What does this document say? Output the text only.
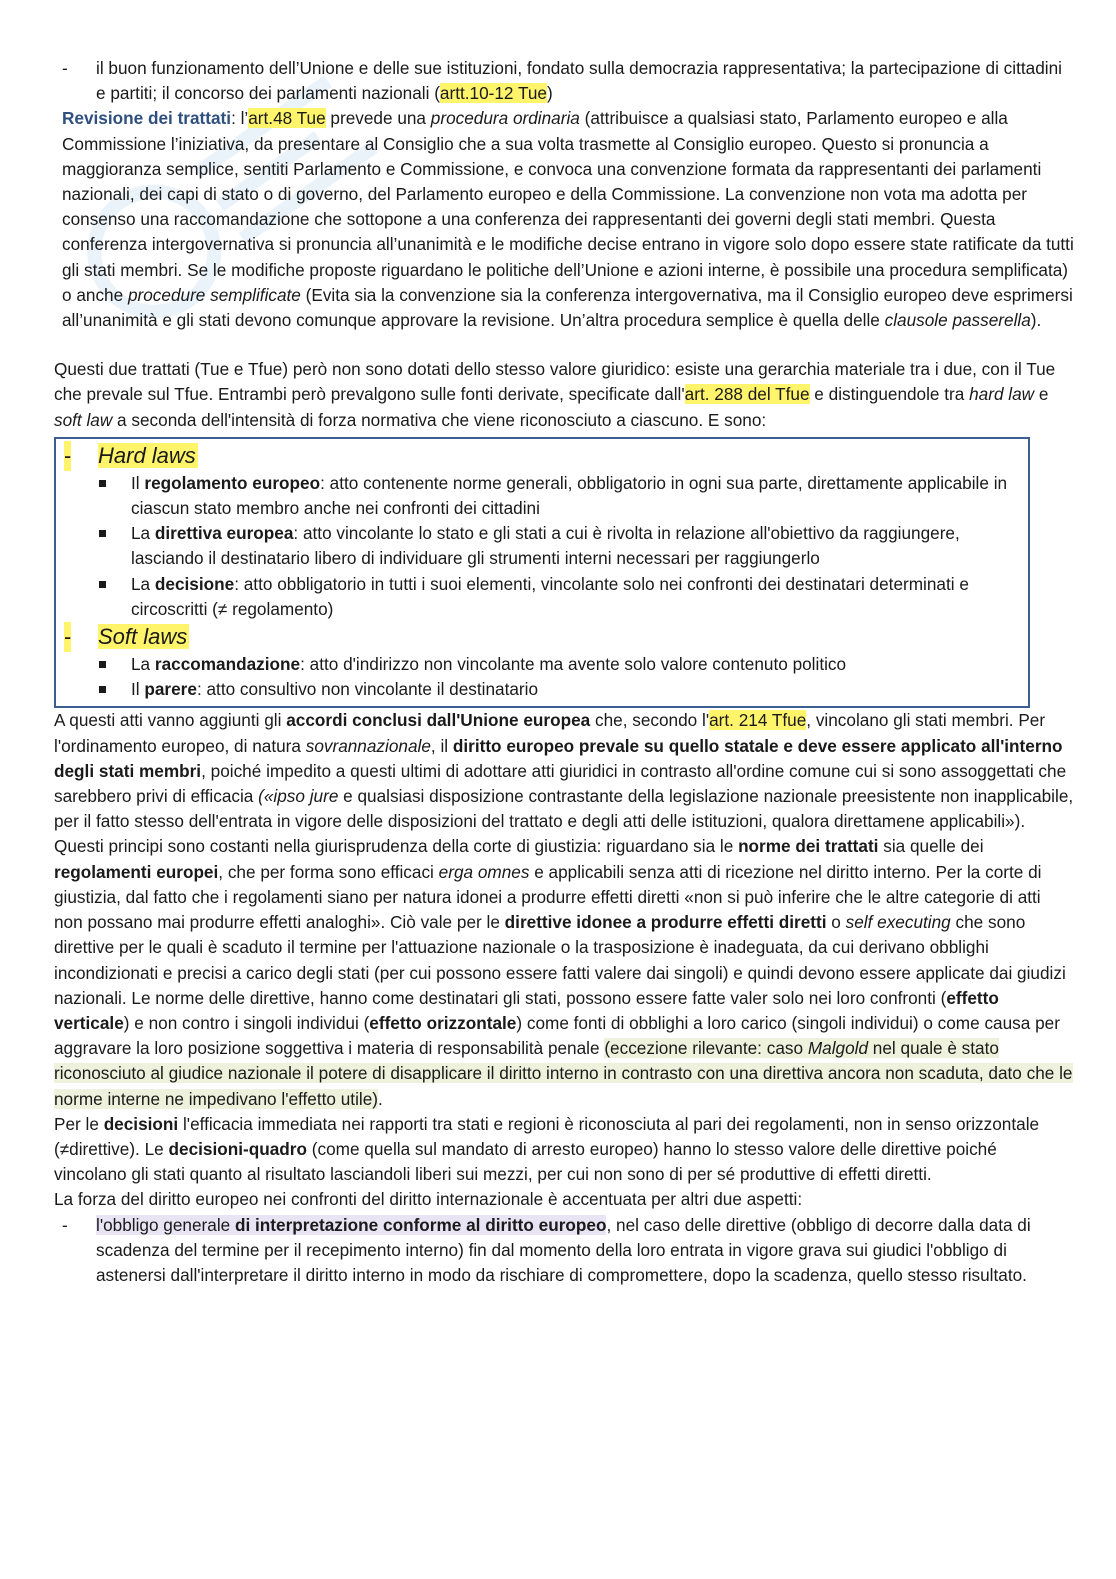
- il buon funzionamento dell’Unione e delle sue istituzioni, fondato sulla democrazia rappresentativa; la partecipazione di cittadini e partiti; il concorso dei parlamenti nazionali (artt.10-12 Tue)

Revisione dei trattati: l’art.48 Tue prevede una procedura ordinaria (attribuisce a qualsiasi stato, Parlamento europeo e alla Commissione l’iniziativa, da presentare al Consiglio che a sua volta trasmette al Consiglio europeo. Questo si pronuncia a maggioranza semplice, sentiti Parlamento e Commissione, e convoca una convenzione formata da rappresentanti dei parlamenti nazionali, dei capi di stato o di governo, del Parlamento europeo e della Commissione. La convenzione non vota ma adotta per consenso una raccomandazione che sottopone a una conferenza dei rappresentanti dei governi degli stati membri. Questa conferenza intergovernativa si pronuncia all’unanimità e le modifiche decise entrano in vigore solo dopo essere state ratificate da tutti gli stati membri. Se le modifiche proposte riguardano le politiche dell’Unione e azioni interne, è possibile una procedura semplificata)
o anche procedure semplificate (Evita sia la convenzione sia la conferenza intergovernativa, ma il Consiglio europeo deve esprimersi all’unanimità e gli stati devono comunque approvare la revisione. Un’altra procedura semplice è quella delle clausole passerella).

Questi due trattati (Tue e Tfue) però non sono dotati dello stesso valore giuridico: esiste una gerarchia materiale tra i due, con il Tue che prevale sul Tfue. Entrambi però prevalgono sulle fonti derivate, specificate dall'art. 288 del Tfue e distinguendole tra hard law e soft law a seconda dell'intensità di forza normativa che viene riconosciuto a ciascuno. E sono:

- Hard laws

Il regolamento europeo: atto contenente norme generali, obbligatorio in ogni sua parte, direttamente applicabile in ciascun stato membro anche nei confronti dei cittadini

La direttiva europea: atto vincolante lo stato e gli stati a cui è rivolta in relazione all'obiettivo da raggiungere, lasciando il destinatario libero di individuare gli strumenti interni necessari per raggiungerlo

La decisione: atto obbligatorio in tutti i suoi elementi, vincolante solo nei confronti dei destinatari determinati e circoscritti (≠ regolamento)

- Soft laws

La raccomandazione: atto d'indirizzo non vincolante ma avente solo valore contenuto politico

Il parere: atto consultivo non vincolante il destinatario

A questi atti vanno aggiunti gli accordi conclusi dall'Unione europea che, secondo l'art. 214 Tfue, vincolano gli stati membri. Per l'ordinamento europeo, di natura sovrannazionale, il diritto europeo prevale su quello statale e deve essere applicato all'interno degli stati membri, poiché impedito a questi ultimi di adottare atti giuridici in contrasto all'ordine comune cui si sono assoggettati che sarebbero privi di efficacia («ipso jure e qualsiasi disposizione contrastante della legislazione nazionale preesistente non inapplicabile, per il fatto stesso dell'entrata in vigore delle disposizioni del trattato e degli atti delle istituzioni, qualora direttamene applicabili»).

Questi principi sono costanti nella giurisprudenza della corte di giustizia: riguardano sia le norme dei trattati sia quelle dei regolamenti europei, che per forma sono efficaci erga omnes e applicabili senza atti di ricezione nel diritto interno. Per la corte di giustizia, dal fatto che i regolamenti siano per natura idonei a produrre effetti diretti «non si può inferire che le altre categorie di atti non possano mai produrre effetti analoghi». Ciò vale per le direttive idonee a produrre effetti diretti o self executing che sono direttive per le quali è scaduto il termine per l'attuazione nazionale o la trasposizione è inadeguata, da cui derivano obblighi incondizionati e precisi a carico degli stati (per cui possono essere fatti valere dai singoli) e quindi devono essere applicate dai giudizi nazionali. Le norme delle direttive, hanno come destinatari gli stati, possono essere fatte valer solo nei loro confronti (effetto verticale) e non contro i singoli individui (effetto orizzontale) come fonti di obblighi a loro carico (singoli individui) o come causa per aggravare la loro posizione soggettiva i materia di responsabilità penale (eccezione rilevante: caso Malgold nel quale è stato riconosciuto al giudice nazionale il potere di disapplicare il diritto interno in contrasto con una direttiva ancora non scaduta, dato che le norme interne ne impedivano l'effetto utile).

Per le decisioni l'efficacia immediata nei rapporti tra stati e regioni è riconosciuta al pari dei regolamenti, non in senso orizzontale (≠direttive). Le decisioni-quadro (come quella sul mandato di arresto europeo) hanno lo stesso valore delle direttive poiché vincolano gli stati quanto al risultato lasciandoli liberi sui mezzi, per cui non sono di per sé produttive di effetti diretti.

La forza del diritto europeo nei confronti del diritto internazionale è accentuata per altri due aspetti:

- l'obbligo generale di interpretazione conforme al diritto europeo, nel caso delle direttive (obbligo di decorre dalla data di scadenza del termine per il recepimento interno) fin dal momento della loro entrata in vigore grava sui giudici l'obbligo di astenersi dall'interpretare il diritto interno in modo da rischiare di compromettere, dopo la scadenza, quello stesso risultato.
